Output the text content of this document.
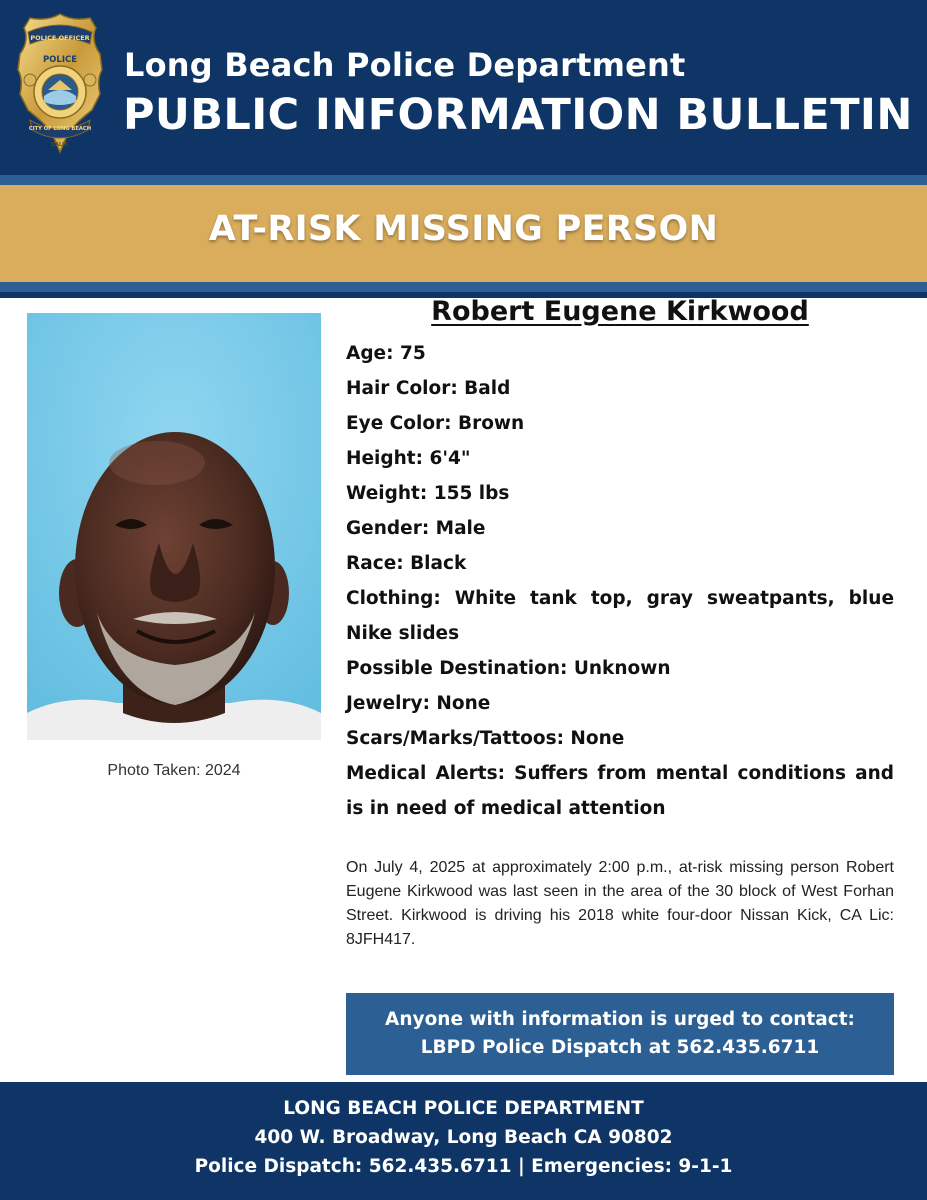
POLICE OFFICER
POLICE
CITY OF LONG BEACH
CALIF.
Long Beach Police Department
PUBLIC INFORMATION BULLETIN
AT-RISK MISSING PERSON
Photo Taken: 2024
Robert Eugene Kirkwood
Age: 75
Hair Color: Bald
Eye Color: Brown
Height: 6'4"
Weight: 155 lbs
Gender: Male
Race: Black
Clothing: White tank top, gray sweatpants, blue Nike slides
Possible Destination: Unknown
Jewelry: None
Scars/Marks/Tattoos: None
Medical Alerts: Suffers from mental conditions and is in need of medical attention
On July 4, 2025 at approximately 2:00 p.m., at-risk missing person Robert Eugene Kirkwood was last seen in the area of the 30 block of West Forhan Street. Kirkwood is driving his 2018 white four-door Nissan Kick, CA Lic: 8JFH417.
Anyone with information is urged to contact:
LBPD Police Dispatch at 562.435.6711
LONG BEACH POLICE DEPARTMENT
400 W. Broadway, Long Beach CA 90802
Police Dispatch: 562.435.6711 | Emergencies: 9-1-1
